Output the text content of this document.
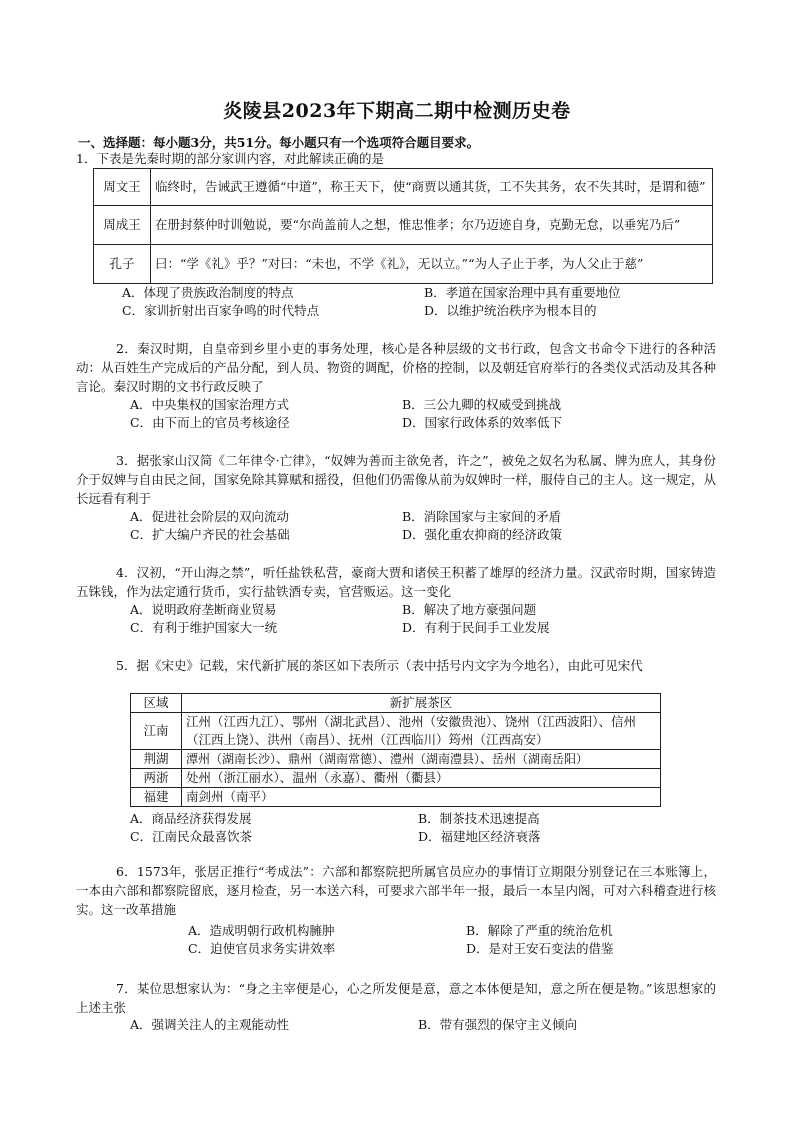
炎陵县2023年下期高二期中检测历史卷
一、选择题：每小题3分，共51分。每小题只有一个选项符合题目要求。
1．下表是先秦时期的部分家训内容，对此解读正确的是
周文王	临终时，告诫武王遵循“中道”，称王天下，使“商贾以通其货，工不失其务，农不失其时，是谓和德”
周成王	在册封蔡仲时训勉说，要“尔尚盖前人之想，惟忠惟孝；尔乃迈迹自身，克勤无怠，以垂宪乃后”
孔子	曰：“学《礼》乎？”对曰：“未也，不学《礼》，无以立。”“为人子止于孝，为人父止于慈”
A．体现了贵族政治制度的特点	B．孝道在国家治理中具有重要地位
C．家训折射出百家争鸣的时代特点	D．以维护统治秩序为根本目的
2．秦汉时期，自皇帝到乡里小吏的事务处理，核心是各种层级的文书行政，包含文书命令下进行的各种活动：从百姓生产完成后的产品分配，到人员、物资的调配，价格的控制，以及朝廷官府举行的各类仪式活动及其各种言论。秦汉时期的文书行政反映了
A．中央集权的国家治理方式	B．三公九卿的权威受到挑战
C．由下而上的官员考核途径	D．国家行政体系的效率低下
3．据张家山汉简《二年律令·亡律》，“奴婢为善而主欲免者，许之”，被免之奴名为私属、牌为庶人，其身份介于奴婢与自由民之间，国家免除其算赋和摇役，但他们仍需像从前为奴婢时一样，服侍自己的主人。这一规定，从长远看有利于
A．促进社会阶层的双向流动	B．消除国家与主家间的矛盾
C．扩大编户齐民的社会基础	D．强化重农抑商的经济政策
4．汉初，“开山海之禁”，听任盐铁私营，豪商大贾和诸侯王积蓄了雄厚的经济力量。汉武帝时期，国家铸造五铢钱，作为法定通行货币，实行盐铁酒专卖，官营贩运。这一变化
A．说明政府垄断商业贸易	B．解决了地方豪强问题
C．有利于维护国家大一统	D．有利于民间手工业发展
5．据《宋史》记载，宋代新扩展的茶区如下表所示（表中括号内文字为今地名），由此可见宋代
区域	新扩展茶区
江南	江州（江西九江）、鄂州（湖北武昌）、池州（安徽贵池）、饶州（江西波阳）、信州（江西上饶）、洪州（南昌）、抚州（江西临川）筠州（江西高安）
荆湖	潭州（湖南长沙）、鼎州（湖南常德）、澧州（湖南澧县）、岳州（湖南岳阳）
两浙	处州（浙江丽水）、温州（永嘉）、衢州（衢县）
福建	南剑州（南平）
A．商品经济获得发展	B．制茶技术迅速提高
C．江南民众最喜饮茶	D．福建地区经济衰落
6．1573年，张居正推行“考成法”：六部和都察院把所属官员应办的事情订立期限分别登记在三本账簿上，一本由六部和都察院留底，逐月检查，另一本送六科，可要求六部半年一报，最后一本呈内阁，可对六科稽查进行核实。这一改革措施
A．造成明朝行政机构臃肿	B．解除了严重的统治危机
C．迫使官员求务实讲效率	D．是对王安石变法的借鉴
7．某位思想家认为：“身之主宰便是心，心之所发便是意，意之本体便是知，意之所在便是物。”该思想家的上述主张
A．强调关注人的主观能动性	B．带有强烈的保守主义倾向
